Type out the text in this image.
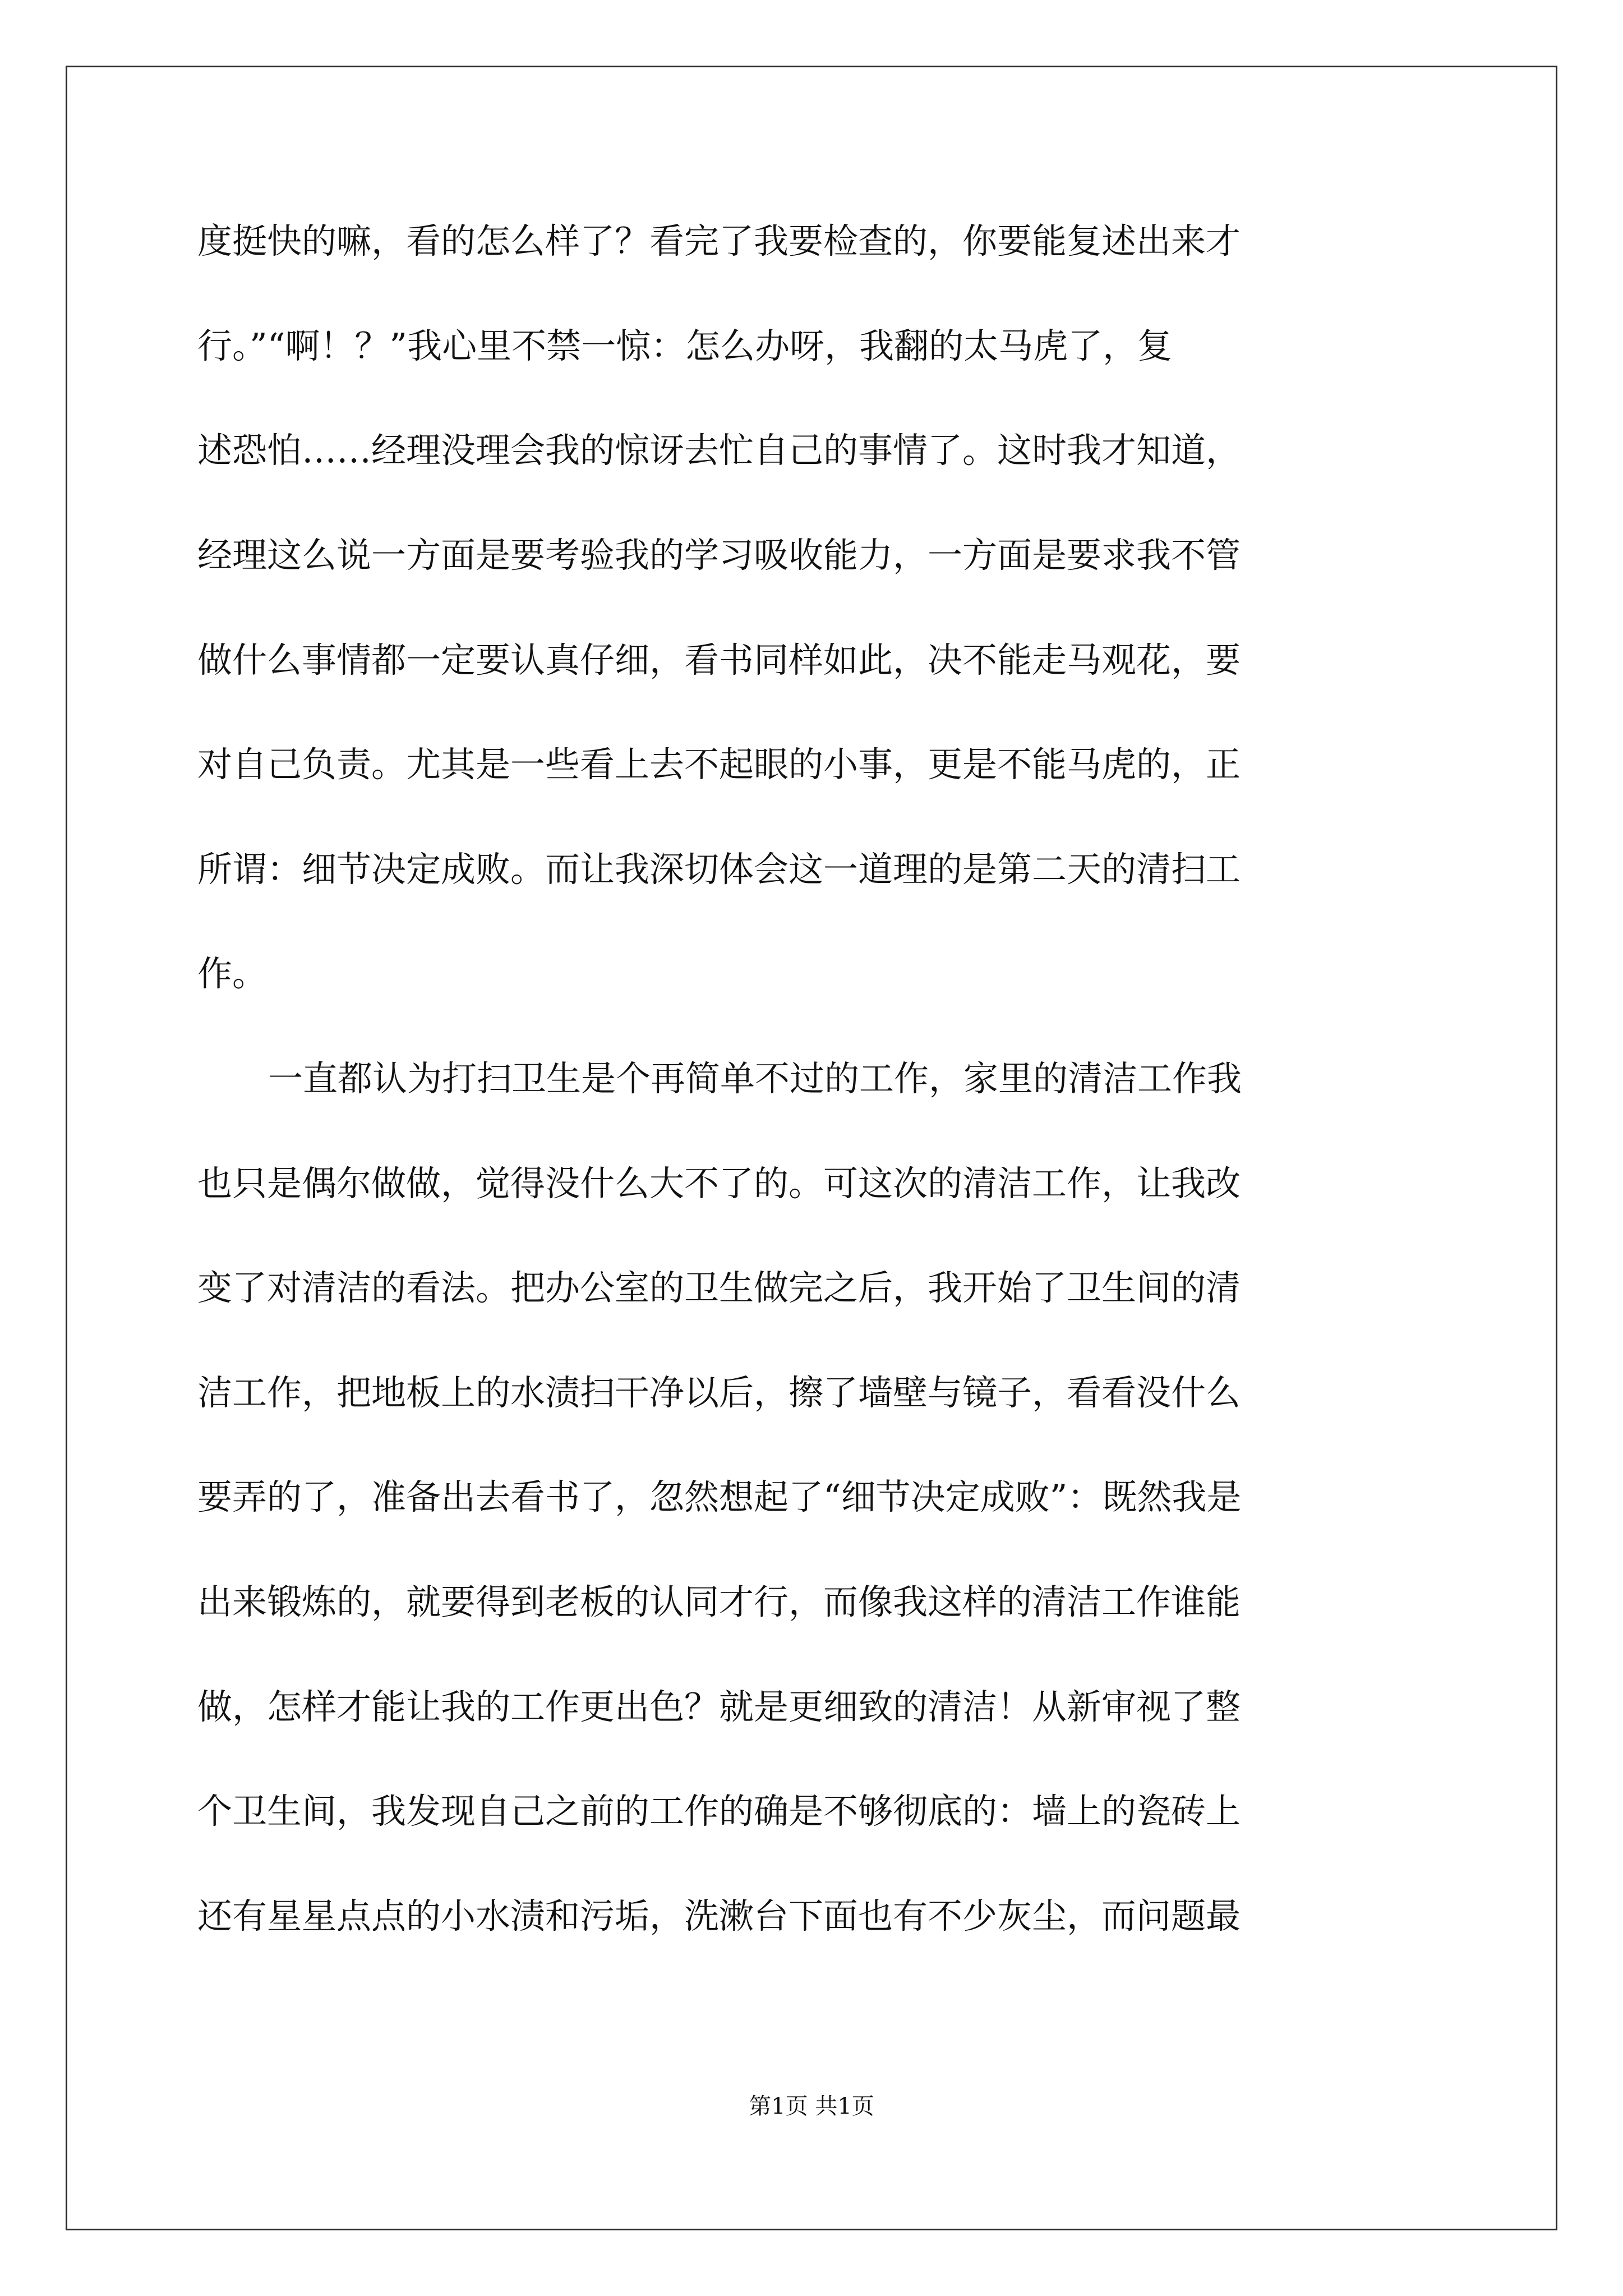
度挺快的嘛，看的怎么样了？看完了我要检查的，你要能复述出来才
行。”“啊！？”我心里不禁一惊：怎么办呀，我翻的太马虎了，复
述恐怕……经理没理会我的惊讶去忙自己的事情了。这时我才知道，
经理这么说一方面是要考验我的学习吸收能力，一方面是要求我不管
做什么事情都一定要认真仔细，看书同样如此，决不能走马观花，要
对自己负责。尤其是一些看上去不起眼的小事，更是不能马虎的，正
所谓：细节决定成败。而让我深切体会这一道理的是第二天的清扫工
作。
一直都认为打扫卫生是个再简单不过的工作，家里的清洁工作我
也只是偶尔做做，觉得没什么大不了的。可这次的清洁工作，让我改
变了对清洁的看法。把办公室的卫生做完之后，我开始了卫生间的清
洁工作，把地板上的水渍扫干净以后，擦了墙壁与镜子，看看没什么
要弄的了，准备出去看书了，忽然想起了“细节决定成败”：既然我是
出来锻炼的，就要得到老板的认同才行，而像我这样的清洁工作谁能
做，怎样才能让我的工作更出色？就是更细致的清洁！从新审视了整
个卫生间，我发现自己之前的工作的确是不够彻底的：墙上的瓷砖上
还有星星点点的小水渍和污垢，洗漱台下面也有不少灰尘，而问题最
第1页 共1页
